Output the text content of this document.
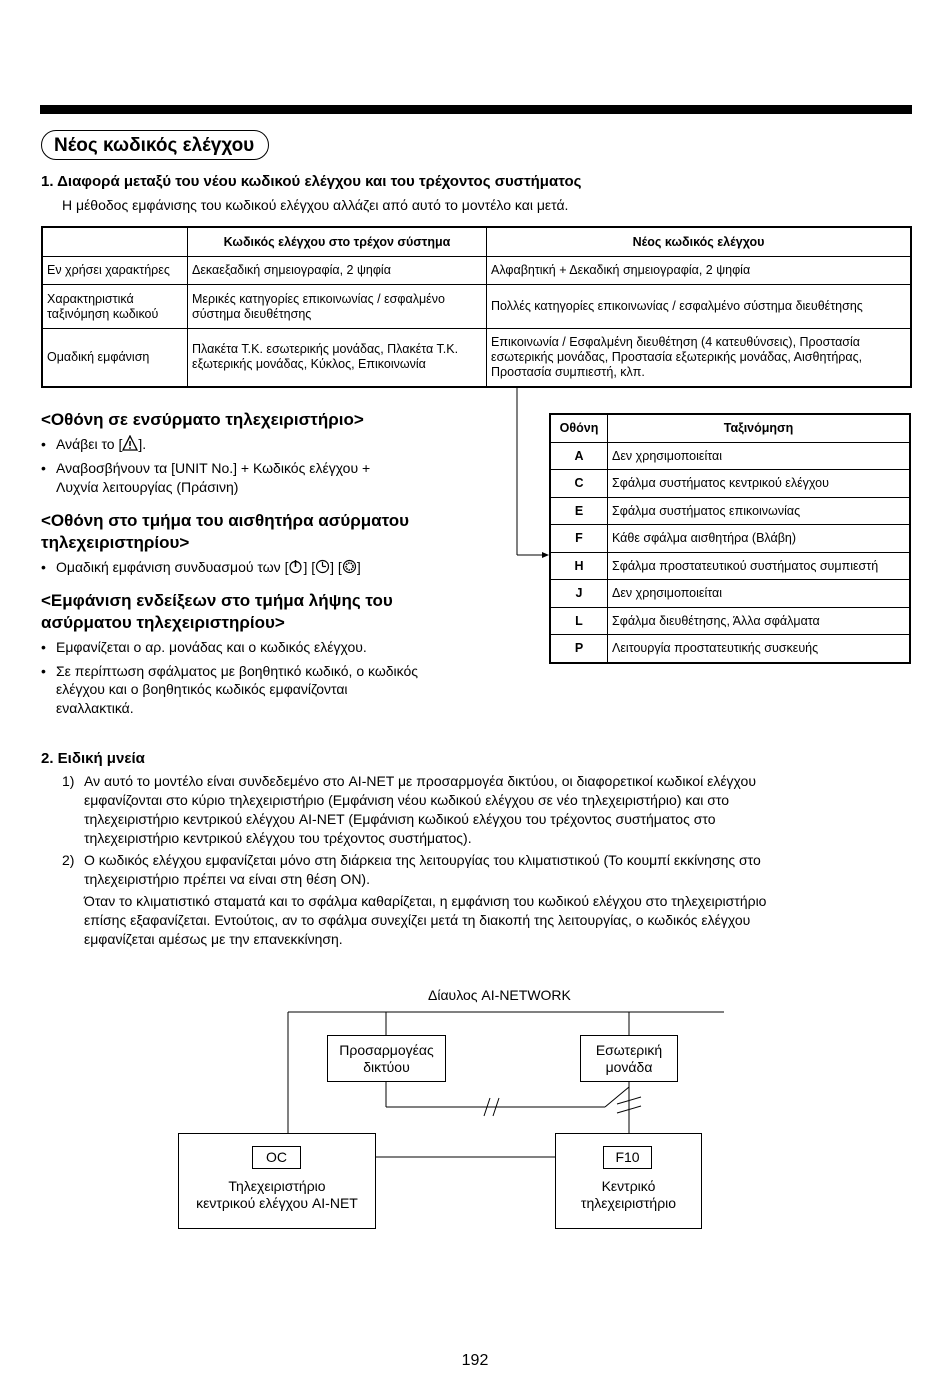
Νέος κωδικός ελέγχου
1. Διαφορά μεταξύ του νέου κωδικού ελέγχου και του τρέχοντος συστήματος
Η μέθοδος εμφάνισης του κωδικού ελέγχου αλλάζει από αυτό το μοντέλο και μετά.
	Κωδικός ελέγχου στο τρέχον σύστημα	Νέος κωδικός ελέγχου
Εν χρήσει χαρακτήρες	Δεκαεξαδική σημειογραφία, 2 ψηφία	Αλφαβητική + Δεκαδική σημειογραφία, 2 ψηφία
Χαρακτηριστικά ταξινόμηση κωδικού	Μερικές κατηγορίες επικοινωνίας / εσφαλμένο σύστημα διευθέτησης	Πολλές κατηγορίες επικοινωνίας / εσφαλμένο σύστημα διευθέτησης
Ομαδική εμφάνιση	Πλακέτα Τ.Κ. εσωτερικής μονάδας, Πλακέτα Τ.Κ. εξωτερικής μονάδας, Κύκλος, Επικοινωνία	Επικοινωνία / Εσφαλμένη διευθέτηση (4 κατευθύνσεις), Προστασία εσωτερικής μονάδας, Προστασία εξωτερικής μονάδας, Αισθητήρας, Προστασία συμπιεστή, κλπ.
<Οθόνη σε ενσύρματο τηλεχειριστήριο>
• Ανάβει το [ ].
• Αναβοσβήνουν τα [UNIT No.] + Κωδικός ελέγχου +
Λυχνία λειτουργίας (Πράσινη)
<Οθόνη στο τμήμα του αισθητήρα ασύρματου
τηλεχειριστηρίου>
• Ομαδική εμφάνιση συνδυασμού των [ ] [ ] [ ]
<Εμφάνιση ενδείξεων στο τμήμα λήψης του
ασύρματου τηλεχειριστηρίου>
• Εμφανίζεται ο αρ. μονάδας και ο κωδικός ελέγχου.
• Σε περίπτωση σφάλματος με βοηθητικό κωδικό, ο κωδικός
ελέγχου και ο βοηθητικός κωδικός εμφανίζονται
εναλλακτικά.
Οθόνη	Ταξινόμηση
A	Δεν χρησιμοποιείται
C	Σφάλμα συστήματος κεντρικού ελέγχου
E	Σφάλμα συστήματος επικοινωνίας
F	Κάθε σφάλμα αισθητήρα (Βλάβη)
H	Σφάλμα προστατευτικού συστήματος συμπιεστή
J	Δεν χρησιμοποιείται
L	Σφάλμα διευθέτησης, Άλλα σφάλματα
P	Λειτουργία προστατευτικής συσκευής
2. Ειδική μνεία
1) Αν αυτό το μοντέλο είναι συνδεδεμένο στο AI-NET με προσαρμογέα δικτύου, οι διαφορετικοί κωδικοί ελέγχου
εμφανίζονται στο κύριο τηλεχειριστήριο (Εμφάνιση νέου κωδικού ελέγχου σε νέο τηλεχειριστήριο) και στο
τηλεχειριστήριο κεντρικού ελέγχου AI-NET (Εμφάνιση κωδικού ελέγχου του τρέχοντος συστήματος στο
τηλεχειριστήριο κεντρικού ελέγχου του τρέχοντος συστήματος).
2) Ο κωδικός ελέγχου εμφανίζεται μόνο στη διάρκεια της λειτουργίας του κλιματιστικού (Το κουμπί εκκίνησης στο
τηλεχειριστήριο πρέπει να είναι στη θέση ON).
Όταν το κλιματιστικό σταματά και το σφάλμα καθαρίζεται, η εμφάνιση του κωδικού ελέγχου στο τηλεχειριστήριο
επίσης εξαφανίζεται. Εντούτοις, αν το σφάλμα συνεχίζει μετά τη διακοπή της λειτουργίας, ο κωδικός ελέγχου
εμφανίζεται αμέσως με την επανεκκίνηση.
Δίαυλος AI-NETWORK
Προσαρμογέας
δικτύου
Εσωτερική
μονάδα
Τηλεχειριστήριο
κεντρικού ελέγχου AI-NET
OC
Κεντρικό
τηλεχειριστήριο
F10
192
